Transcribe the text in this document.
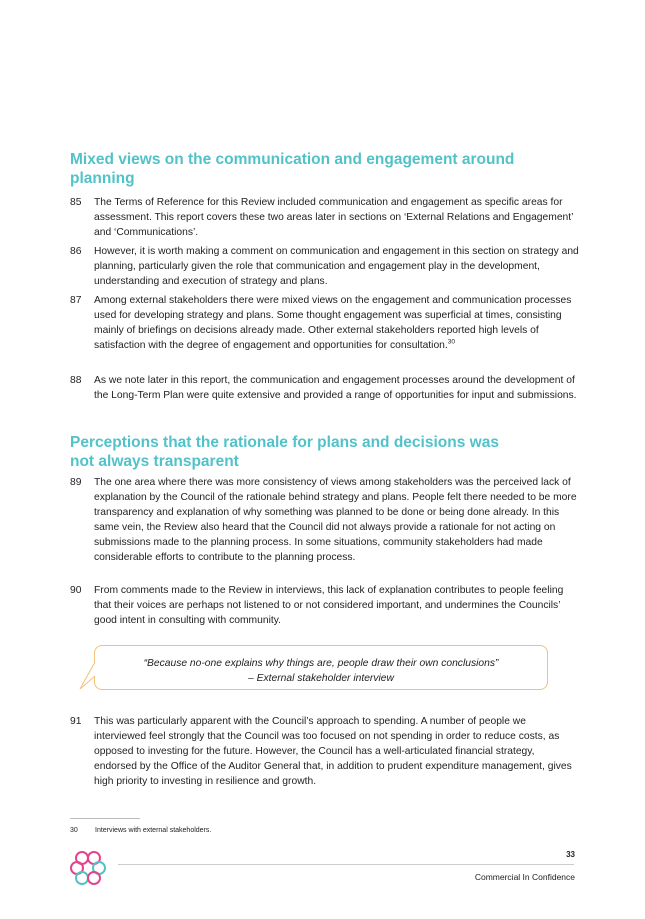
Mixed views on the communication and engagement around planning
85	The Terms of Reference for this Review included communication and engagement as specific areas for assessment. This report covers these two areas later in sections on ‘External Relations and Engagement’ and ‘Communications’.
86	However, it is worth making a comment on communication and engagement in this section on strategy and planning, particularly given the role that communication and engagement play in the development, understanding and execution of strategy and plans.
87	Among external stakeholders there were mixed views on the engagement and communication processes used for developing strategy and plans. Some thought engagement was superficial at times, consisting mainly of briefings on decisions already made. Other external stakeholders reported high levels of satisfaction with the degree of engagement and opportunities for consultation.$^{30}$
88	As we note later in this report, the communication and engagement processes around the development of the Long-Term Plan were quite extensive and provided a range of opportunities for input and submissions.
Perceptions that the rationale for plans and decisions was
not always transparent
89	The one area where there was more consistency of views among stakeholders was the perceived lack of explanation by the Council of the rationale behind strategy and plans. People felt there needed to be more transparency and explanation of why something was planned to be done or being done already. In this same vein, the Review also heard that the Council did not always provide a rationale for not acting on submissions made to the planning process. In some situations, community stakeholders had made considerable efforts to contribute to the planning process.
90	From comments made to the Review in interviews, this lack of explanation contributes to people feeling that their voices are perhaps not listened to or not considered important, and undermines the Councils’ good intent in consulting with community.
“Because no-one explains why things are, people draw their own conclusions”
– External stakeholder interview
91	This was particularly apparent with the Council’s approach to spending. A number of people we interviewed feel strongly that the Council was too focused on not spending in order to reduce costs, as opposed to investing for the future. However, the Council has a well-articulated financial strategy, endorsed by the Office of the Auditor General that, in addition to prudent expenditure management, gives high priority to investing in resilience and growth.
30	Interviews with external stakeholders.
33
Commercial In Confidence
